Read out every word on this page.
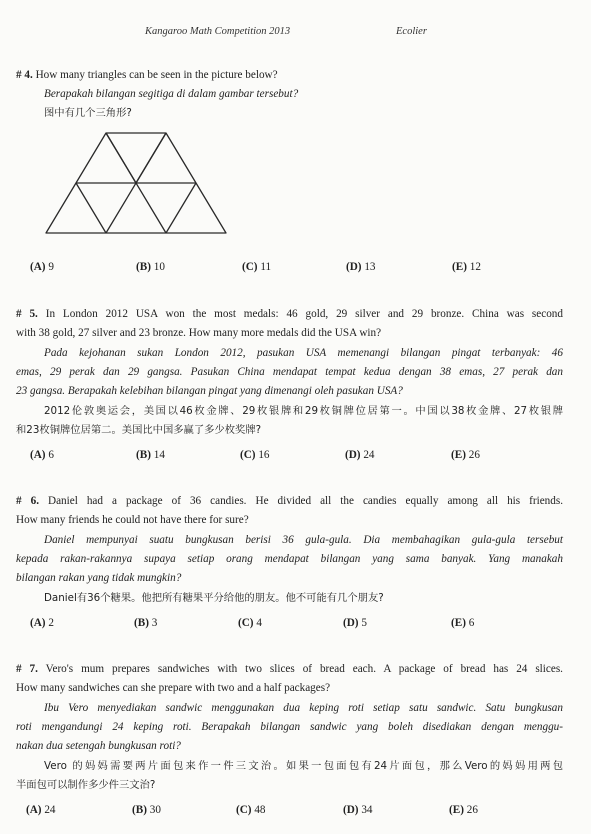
Kangaroo Math Competition 2013	Ecolier
# 4. How many triangles can be seen in the picture below?
Berapakah bilangan segitiga di dalam gambar tersebut?
图中有几个三角形?
(A) 9	(B) 10	(C) 11	(D) 13	(E) 12
# 5. In London 2012 USA won the most medals: 46 gold, 29 silver and 29 bronze. China was second
with 38 gold, 27 silver and 23 bronze. How many more medals did the USA win?
Pada kejohanan sukan London 2012, pasukan USA memenangi bilangan pingat terbanyak: 46
emas, 29 perak dan 29 gangsa. Pasukan China mendapat tempat kedua dengan 38 emas, 27 perak dan
23 gangsa. Berapakah kelebihan bilangan pingat yang dimenangi oleh pasukan USA?
2012伦敦奥运会，美国以46枚金牌、29枚银牌和29枚铜牌位居第一。中国以38枚金牌、27枚银牌
和23枚铜牌位居第二。美国比中国多赢了多少枚奖牌?
(A) 6	(B) 14	(C) 16	(D) 24	(E) 26
# 6. Daniel had a package of 36 candies. He divided all the candies equally among all his friends.
How many friends he could not have there for sure?
Daniel mempunyai suatu bungkusan berisi 36 gula-gula. Dia membahagikan gula-gula tersebut
kepada rakan-rakannya supaya setiap orang mendapat bilangan yang sama banyak. Yang manakah
bilangan rakan yang tidak mungkin?
Daniel有36个糖果。他把所有糖果平分给他的朋友。他不可能有几个朋友?
(A) 2	(B) 3	(C) 4	(D) 5	(E) 6
# 7. Vero's mum prepares sandwiches with two slices of bread each. A package of bread has 24 slices.
How many sandwiches can she prepare with two and a half packages?
Ibu Vero menyediakan sandwic menggunakan dua keping roti setiap satu sandwic. Satu bungkusan
roti mengandungi 24 keping roti. Berapakah bilangan sandwic yang boleh disediakan dengan menggu-
nakan dua setengah bungkusan roti?
Vero 的妈妈需要两片面包来作一件三文治。如果一包面包有24片面包，那么Vero的妈妈用两包
半面包可以制作多少件三文治?
(A) 24	(B) 30	(C) 48	(D) 34	(E) 26
